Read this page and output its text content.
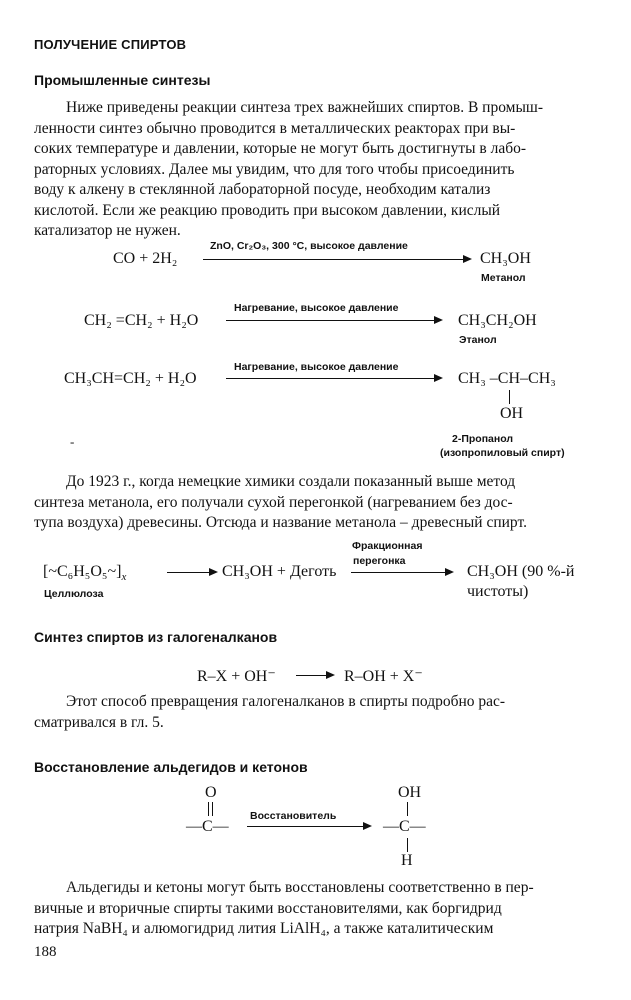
ПОЛУЧЕНИЕ СПИРТОВ
Промышленные синтезы
Ниже приведены реакции синтеза трех важнейших спиртов. В промыш-
ленности синтез обычно проводится в металлических реакторах при вы-
соких температуре и давлении, которые не могут быть достигнуты в лабо-
раторных условиях. Далее мы увидим, что для того чтобы присоединить
воду к алкену в стеклянной лабораторной посуде, необходим катализ
кислотой. Если же реакцию проводить при высоком давлении, кислый
катализатор не нужен.
CO + 2H₂
ZnO, Cr₂O₃, 300 °C, высокое давление
CH₃OH
Метанол
CH₂ =CH₂ + H₂O
Нагревание, высокое давление
CH₃CH₂OH
Этанол
CH₃CH=CH₂ + H₂O
Нагревание, высокое давление
CH₃ –CH–CH₃
OH
2-Пропанол
(изопропиловый спирт)
-
До 1923 г., когда немецкие химики создали показанный выше метод
синтеза метанола, его получали сухой перегонкой (нагреванием без дос-
тупа воздуха) древесины. Отсюда и название метанола – древесный спирт.
$[\sim C_6H_5O_5\sim]_x$
Целлюлоза
CH₃OH + Деготь
Фракционная
перегонка
CH₃OH (90 %-й
чистоты)
Синтез спиртов из галогеналканов
R–X + OH⁻	R–OH + X⁻
Этот способ превращения галогеналканов в спирты подробно рас-
сматривался в гл. 5.
Восстановление альдегидов и кетонов
O
—C—
Восстановитель
OH
—C—
H
Альдегиды и кетоны могут быть восстановлены соответственно в пер-
вичные и вторичные спирты такими восстановителями, как боргидрид
натрия NaBH₄ и алюмогидрид лития LiAlH₄, а также каталитическим
188
